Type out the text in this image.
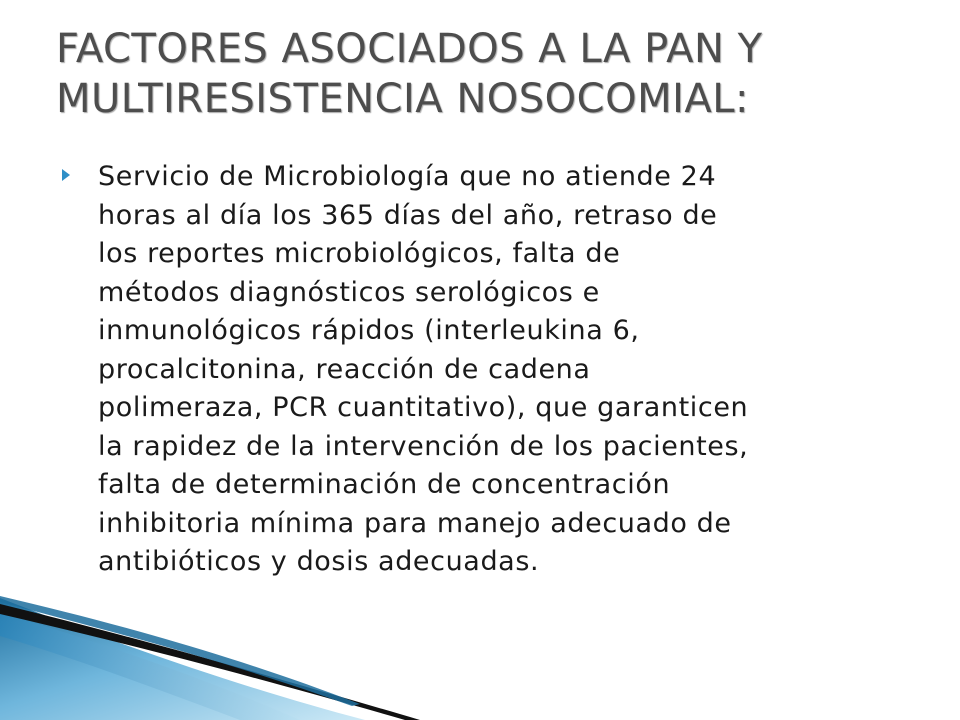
FACTORES ASOCIADOS A LA PAN Y
MULTIRESISTENCIA NOSOCOMIAL:
Servicio de Microbiología que no atiende 24
horas al día los 365 días del año, retraso de
los reportes microbiológicos, falta de
métodos diagnósticos serológicos e
inmunológicos rápidos (interleukina 6,
procalcitonina, reacción de cadena
polimeraza, PCR cuantitativo), que garanticen
la rapidez de la intervención de los pacientes,
falta de determinación de concentración
inhibitoria mínima para manejo adecuado de
antibióticos y dosis adecuadas.
